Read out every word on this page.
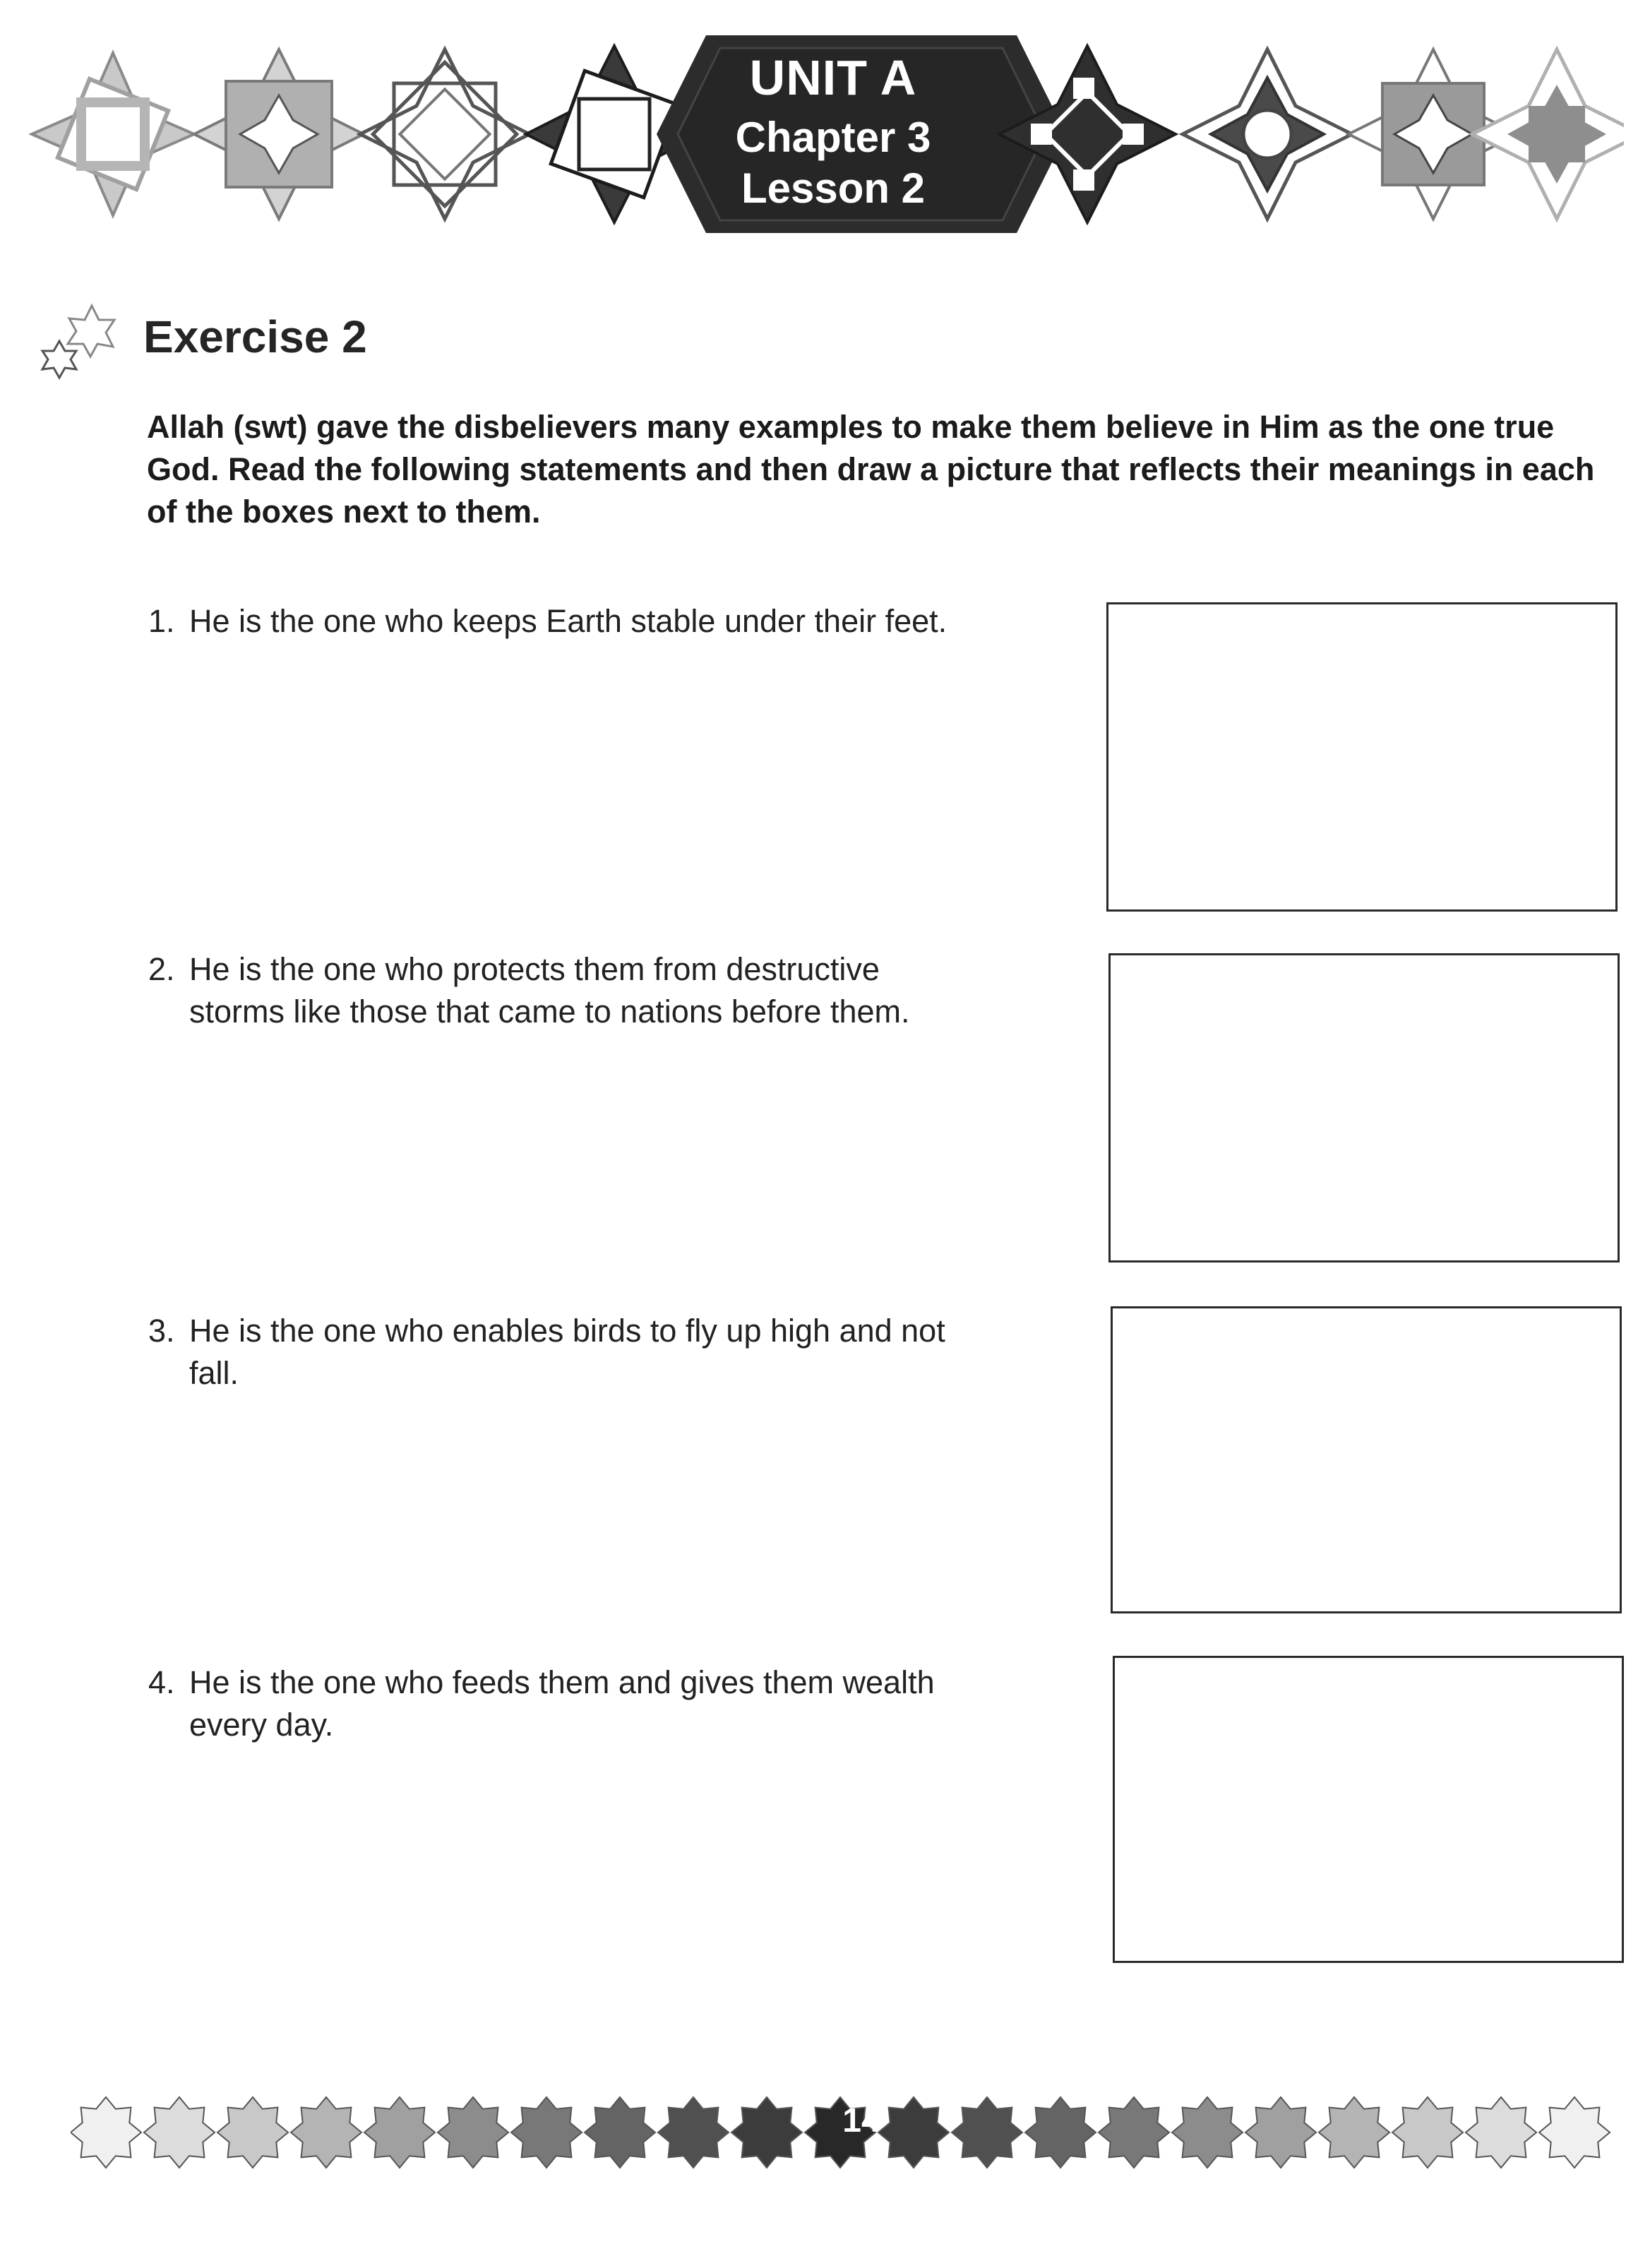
UNIT A
Chapter 3
Lesson 2
Exercise 2

Allah (swt) gave the disbelievers many examples to make them believe in Him as the one true God. Read the following statements and then draw a picture that reflects their meanings in each of the boxes next to them.

1. He is the one who keeps Earth stable under their feet.
2. He is the one who protects them from destructive storms like those that came to nations before them.
3. He is the one who enables birds to fly up high and not fall.
4. He is the one who feeds them and gives them wealth every day.
14
